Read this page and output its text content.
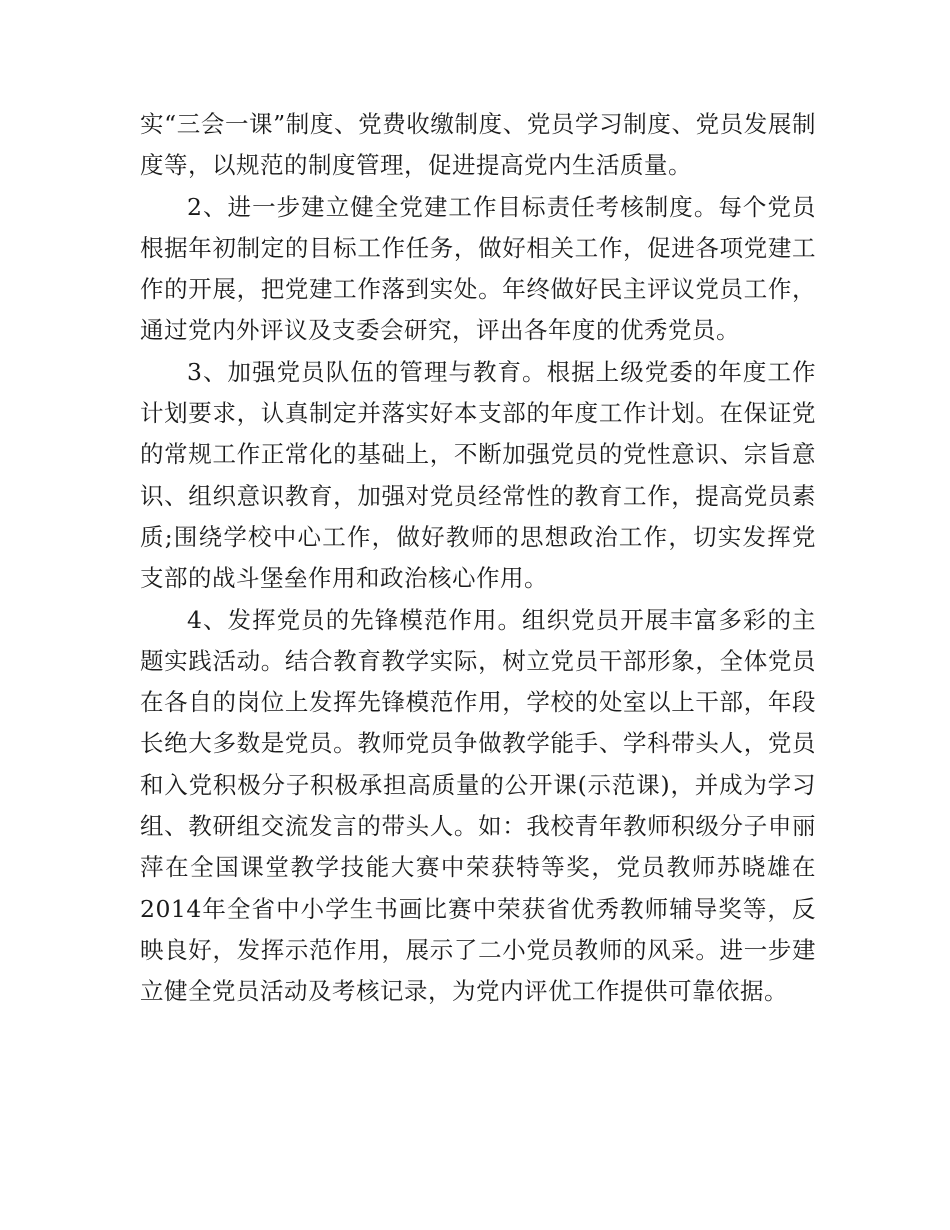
实“三会一课”制度、党费收缴制度、党员学习制度、党员发展制度等，以规范的制度管理，促进提高党内生活质量。

2、进一步建立健全党建工作目标责任考核制度。每个党员根据年初制定的目标工作任务，做好相关工作，促进各项党建工作的开展，把党建工作落到实处。年终做好民主评议党员工作，通过党内外评议及支委会研究，评出各年度的优秀党员。

3、加强党员队伍的管理与教育。根据上级党委的年度工作计划要求，认真制定并落实好本支部的年度工作计划。在保证党的常规工作正常化的基础上，不断加强党员的党性意识、宗旨意识、组织意识教育，加强对党员经常性的教育工作，提高党员素质;围绕学校中心工作，做好教师的思想政治工作，切实发挥党支部的战斗堡垒作用和政治核心作用。

4、发挥党员的先锋模范作用。组织党员开展丰富多彩的主题实践活动。结合教育教学实际，树立党员干部形象，全体党员在各自的岗位上发挥先锋模范作用，学校的处室以上干部，年段长绝大多数是党员。教师党员争做教学能手、学科带头人，党员和入党积极分子积极承担高质量的公开课(示范课)，并成为学习组、教研组交流发言的带头人。如：我校青年教师积级分子申丽萍在全国课堂教学技能大赛中荣获特等奖，党员教师苏晓雄在2014年全省中小学生书画比赛中荣获省优秀教师辅导奖等，反映良好，发挥示范作用，展示了二小党员教师的风采。进一步建立健全党员活动及考核记录，为党内评优工作提供可靠依据。
